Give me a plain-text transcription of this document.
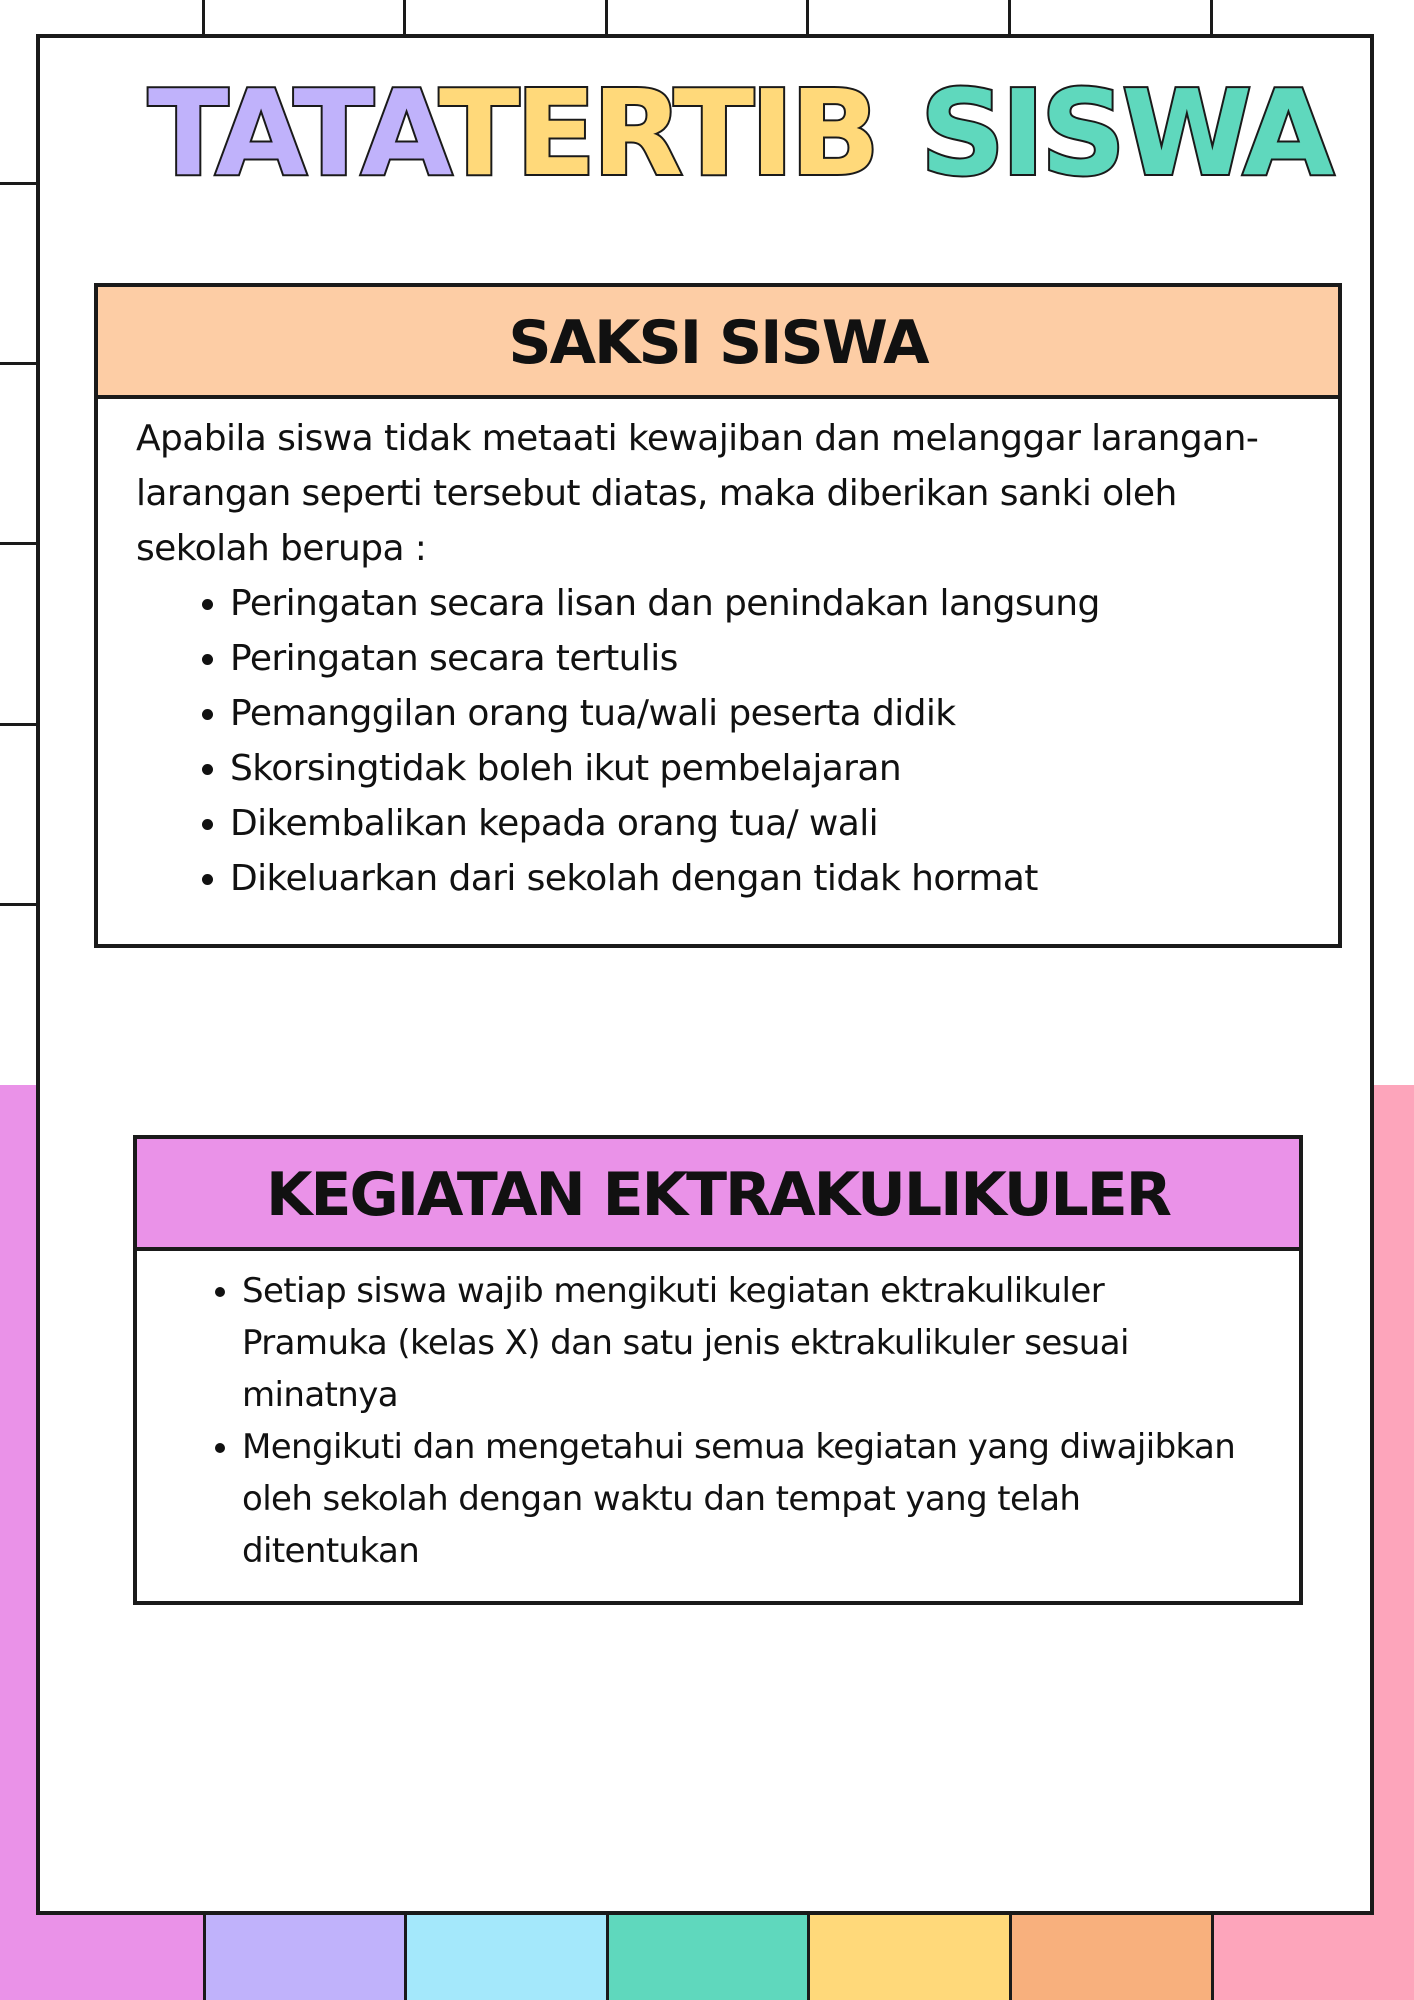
TATATERTIB SISWA
SAKSI SISWA
Apabila siswa tidak metaati kewajiban dan melanggar larangan-larangan seperti tersebut diatas, maka diberikan sanki oleh sekolah berupa :
• Peringatan secara lisan dan penindakan langsung
• Peringatan secara tertulis
• Pemanggilan orang tua/wali peserta didik
• Skorsingtidak boleh ikut pembelajaran
• Dikembalikan kepada orang tua/ wali
• Dikeluarkan dari sekolah dengan tidak hormat
KEGIATAN EKTRAKULIKULER
• Setiap siswa wajib mengikuti kegiatan ektrakulikuler Pramuka (kelas X) dan satu jenis ektrakulikuler sesuai minatnya
• Mengikuti dan mengetahui semua kegiatan yang diwajibkan oleh sekolah dengan waktu dan tempat yang telah ditentukan
